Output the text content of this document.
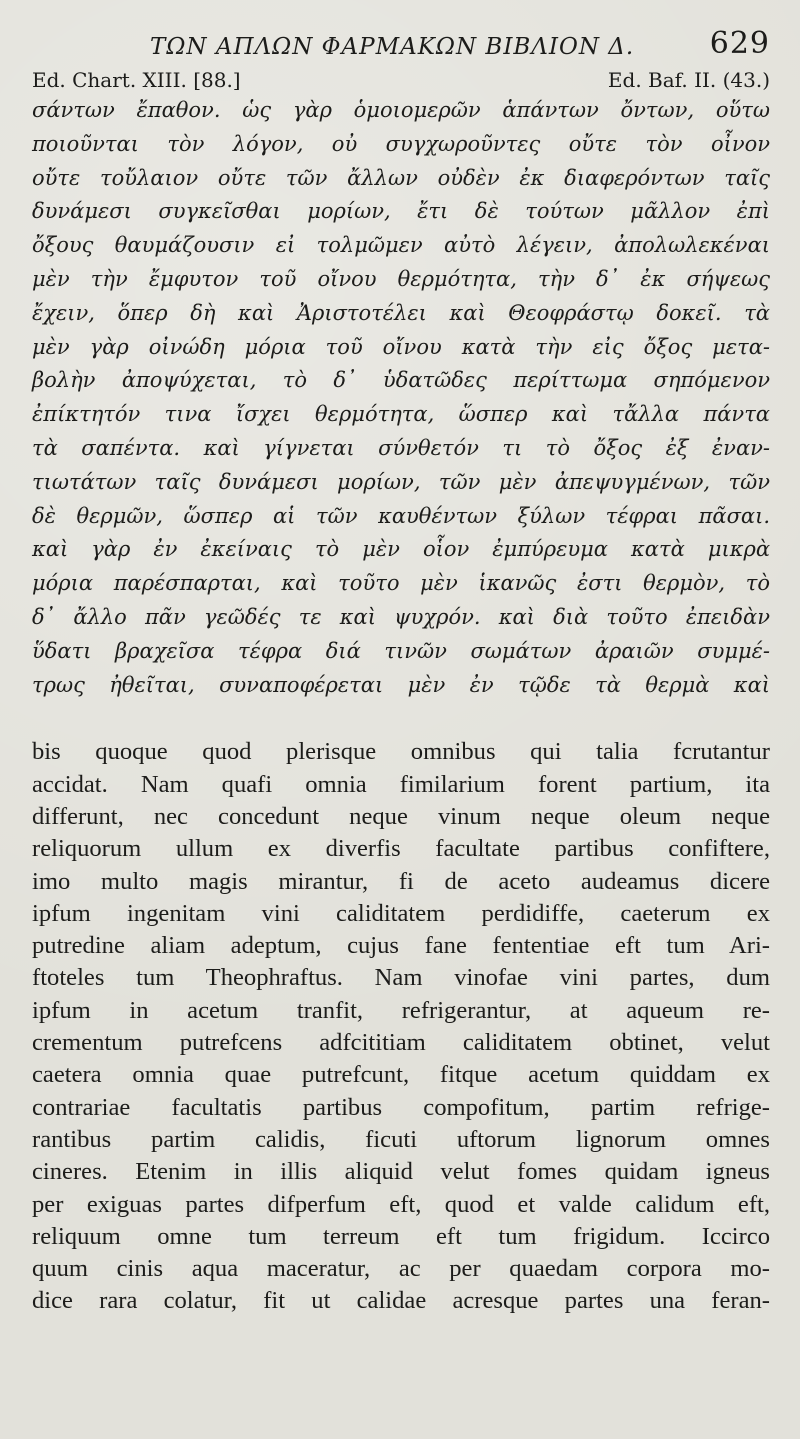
ΤΩΝ ΑΠΛΩΝ ΦΑΡΜΑΚΩΝ ΒΙΒΛΙΟΝ Δ.	629
Ed. Chart. XIII. [88.]	Ed. Baf. II. (43.)
σάντων ἔπαθον. ὡς γὰρ ὁμοιομερῶν ἁπάντων ὄντων, οὕτω
ποιοῦνται τὸν λόγον, οὐ συγχωροῦντες οὔτε τὸν οἶνον
οὔτε τοὔλαιον οὔτε τῶν ἄλλων οὐδὲν ἐκ διαφερόντων ταῖς
δυνάμεσι συγκεῖσθαι μορίων, ἔτι δὲ τούτων μᾶλλον ἐπὶ
ὄξους θαυμάζουσιν εἰ τολμῶμεν αὐτὸ λέγειν, ἀπολωλεκέναι
μὲν τὴν ἔμφυτον τοῦ οἴνου θερμότητα, τὴν δ᾽ ἐκ σήψεως
ἔχειν, ὅπερ δὴ καὶ Ἀριστοτέλει καὶ Θεοφράστῳ δοκεῖ. τὰ
μὲν γὰρ οἰνώδη μόρια τοῦ οἴνου κατὰ τὴν εἰς ὄξος μετα-
βολὴν ἀποψύχεται, τὸ δ᾽ ὑδατῶδες περίττωμα σηπόμενον
ἐπίκτητόν τινα ἴσχει θερμότητα, ὥσπερ καὶ τἄλλα πάντα
τὰ σαπέντα. καὶ γίγνεται σύνθετόν τι τὸ ὄξος ἐξ ἐναν-
τιωτάτων ταῖς δυνάμεσι μορίων, τῶν μὲν ἀπεψυγμένων, τῶν
δὲ θερμῶν, ὥσπερ αἱ τῶν καυθέντων ξύλων τέφραι πᾶσαι.
καὶ γὰρ ἐν ἐκείναις τὸ μὲν οἷον ἐμπύρευμα κατὰ μικρὰ
μόρια παρέσπαρται, καὶ τοῦτο μὲν ἱκανῶς ἐστι θερμὸν, τὸ
δ᾽ ἄλλο πᾶν γεῶδές τε καὶ ψυχρόν. καὶ διὰ τοῦτο ἐπειδὰν
ὕδατι βραχεῖσα τέφρα διά τινῶν σωμάτων ἀραιῶν συμμέ-
τρως ἠθεῖται, συναποφέρεται μὲν ἐν τῷδε τὰ θερμὰ καὶ
bis quoque quod plerisque omnibus qui talia fcrutantur
accidat. Nam quafi omnia fimilarium forent partium, ita
differunt, nec concedunt neque vinum neque oleum neque
reliquorum ullum ex diverfis facultate partibus confiftere,
imo multo magis mirantur, fi de aceto audeamus dicere
ipfum ingenitam vini caliditatem perdidiffe, caeterum ex
putredine aliam adeptum, cujus fane fententiae eft tum Ari-
ftoteles tum Theophraftus. Nam vinofae vini partes, dum
ipfum in acetum tranfit, refrigerantur, at aqueum re-
crementum putrefcens adfcititiam caliditatem obtinet, velut
caetera omnia quae putrefcunt, fitque acetum quiddam ex
contrariae facultatis partibus compofitum, partim refrige-
rantibus partim calidis, ficuti uftorum lignorum omnes
cineres. Etenim in illis aliquid velut fomes quidam igneus
per exiguas partes difperfum eft, quod et valde calidum eft,
reliquum omne tum terreum eft tum frigidum. Iccirco
quum cinis aqua maceratur, ac per quaedam corpora mo-
dice rara colatur, fit ut calidae acresque partes una feran-
